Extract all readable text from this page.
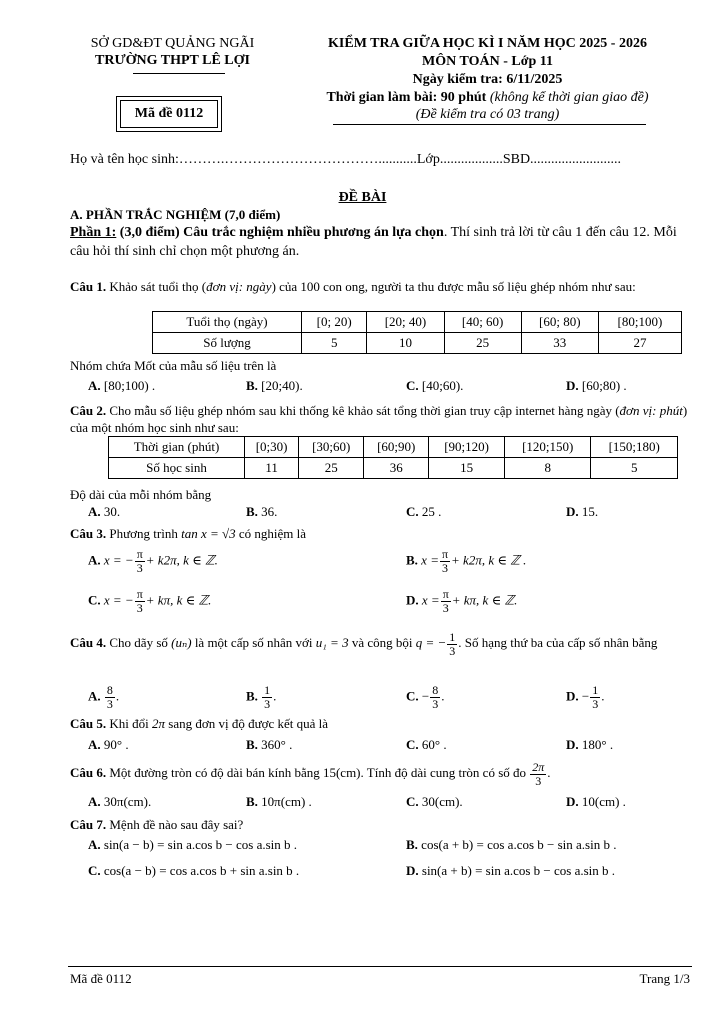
SỞ GD&ĐT QUẢNG NGÃI
TRƯỜNG THPT LÊ LỢI
Mã đề 0112
KIỂM TRA GIỮA HỌC KÌ I NĂM HỌC 2025 - 2026
MÔN TOÁN - Lớp 11
Ngày kiểm tra: 6/11/2025
Thời gian làm bài: 90 phút (không kể thời gian giao đề)
(Đề kiểm tra có 03 trang)
Họ và tên học sinh:……….……………………………...........Lớp..................SBD..........................
ĐỀ BÀI
A. PHẦN TRẮC NGHIỆM (7,0 điểm)
Phần 1: (3,0 điểm) Câu trắc nghiệm nhiều phương án lựa chọn. Thí sinh trả lời từ câu 1 đến câu 12. Mỗi câu hỏi thí sinh chỉ chọn một phương án.
Câu 1. Khảo sát tuổi thọ (đơn vị: ngày) của 100 con ong, người ta thu được mẫu số liệu ghép nhóm như sau:
Tuổi thọ (ngày)	[0; 20)	[20; 40)	[40; 60)	[60; 80)	[80;100)
Số lượng	5	10	25	33	27
Nhóm chứa Mốt của mẫu số liệu trên là
A. [80;100) .	B. [20;40).	C. [40;60).	D. [60;80) .
Câu 2. Cho mẫu số liệu ghép nhóm sau khi thống kê khảo sát tổng thời gian truy cập internet hàng ngày (đơn vị: phút) của một nhóm học sinh như sau:
Thời gian (phút)	[0;30)	[30;60)	[60;90)	[90;120)	[120;150)	[150;180)
Số học sinh	11	25	36	15	8	5
Độ dài của mỗi nhóm bằng
A. 30.	B. 36.	C. 25 .	D. 15.
Câu 3. Phương trình tan x = √3 có nghiệm là
A. x = − $\frac{\pi}{3} + k2\pi$, k ∈ ℤ.	B. $x = \frac{\pi}{3} + k2\pi$, k ∈ ℤ .
C. x = − $\frac{\pi}{3} + k\pi$, k ∈ ℤ.	D. $x = \frac{\pi}{3} + k\pi$, k ∈ ℤ.
Câu 4. Cho dãy số (uₙ) là một cấp số nhân với u₁ = 3 và công bội q = − $\frac{1}{3}$ . Số hạng thứ ba của cấp số nhân bằng
A. $\frac{8}{3}$ .	B. $\frac{1}{3}$ .	C. − $\frac{8}{3}$ .	D. − $\frac{1}{3}$ .
Câu 5. Khi đổi 2π sang đơn vị độ được kết quả là
A. 90° .	B. 360° .	C. 60° .	D. 180° .
Câu 6. Một đường tròn có độ dài bán kính bằng 15(cm). Tính độ dài cung tròn có số đo $\frac{2\pi}{3}$ .
A. 30π(cm).	B. 10π(cm) .	C. 30(cm).	D. 10(cm) .
Câu 7. Mệnh đề nào sau đây sai?
A. sin(a − b) = sin a.cos b − cos a.sin b .	B. cos(a + b) = cos a.cos b − sin a.sin b .
C. cos(a − b) = cos a.cos b + sin a.sin b .	D. sin(a + b) = sin a.cos b − cos a.sin b .
Mã đề 0112	Trang 1/3
